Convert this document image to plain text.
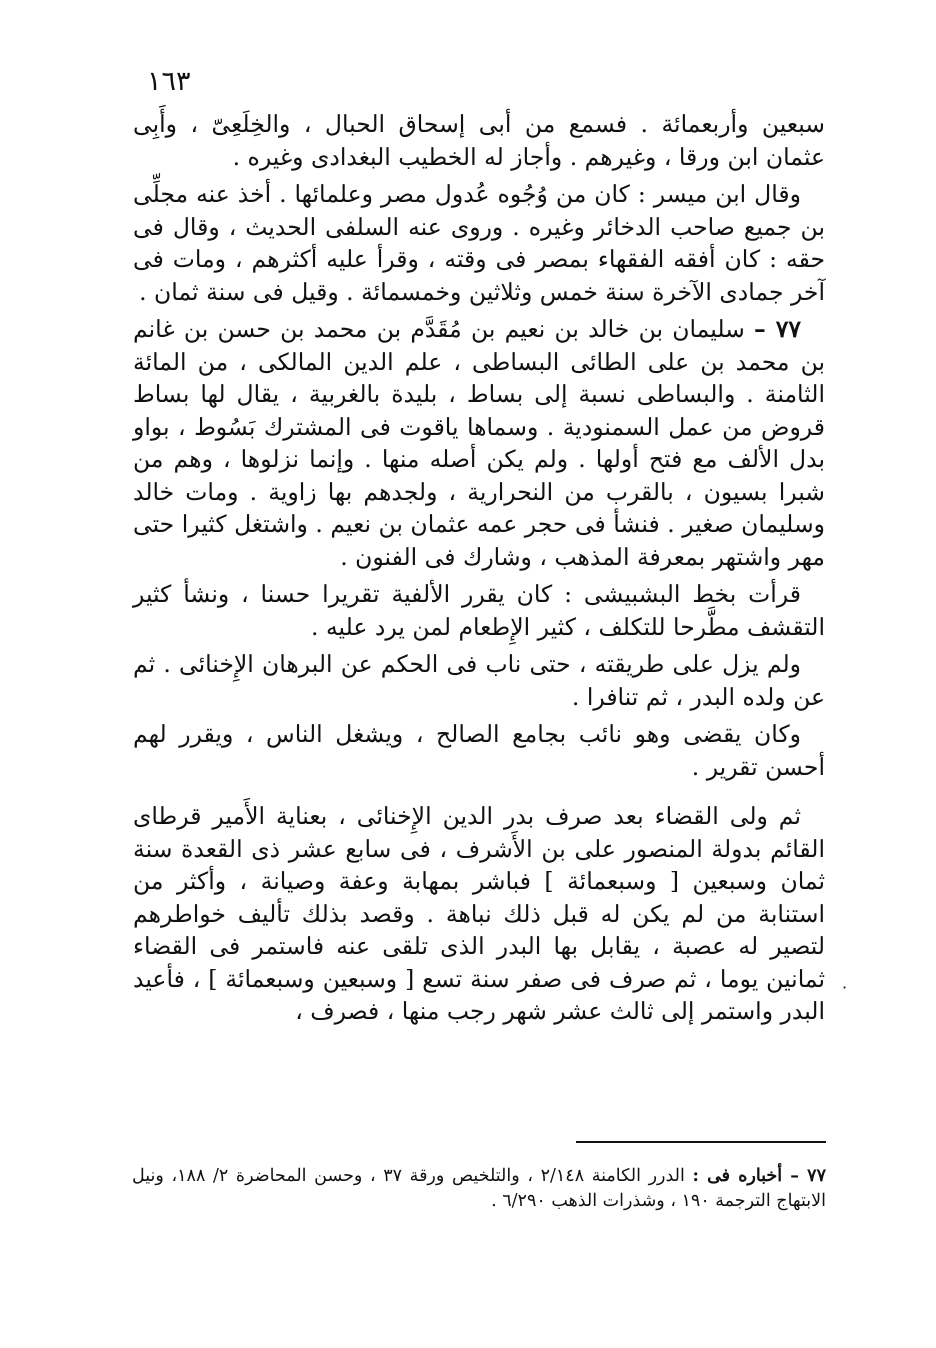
١٦٣

سبعين وأربعمائة . فسمع من أبى إسحاق الحبال ، والخِلَعِىّ ، وأَبِى عثمان ابن ورقا ، وغيرهم . وأجاز له الخطيب البغدادى وغيره .

وقال ابن ميسر : كان من وُجُوه عُدول مصر وعلمائها . أخذ عنه مجلِّى بن جميع صاحب الدخائر وغيره . وروى عنه السلفى الحديث ، وقال فى حقه : كان أفقه الفقهاء بمصر فى وقته ، وقرأ عليه أكثرهم ، ومات فى آخر جمادى الآخرة سنة خمس وثلاثين وخمسمائة . وقيل فى سنة ثمان .

٧٧ – سليمان بن خالد بن نعيم بن مُقَدَّم بن محمد بن حسن بن غانم بن محمد بن على الطائى البساطى ، علم الدين المالكى ، من المائة الثامنة . والبساطى نسبة إلى بساط ، بليدة بالغربية ، يقال لها بساط قروض من عمل السمنودية . وسماها ياقوت فى المشترك بَسُوط ، بواو بدل الألف مع فتح أولها . ولم يكن أصله منها . وإنما نزلوها ، وهم من شبرا بسيون ، بالقرب من النحرارية ، ولجدهم بها زاوية . ومات خالد وسليمان صغير . فنشأ فى حجر عمه عثمان بن نعيم . واشتغل كثيرا حتى مهر واشتهر بمعرفة المذهب ، وشارك فى الفنون .

قرأت بخط البشبيشى : كان يقرر الألفية تقريرا حسنا ، ونشأ كثير التقشف مطَّرحا للتكلف ، كثير الإِطعام لمن يرد عليه .

ولم يزل على طريقته ، حتى ناب فى الحكم عن البرهان الإِخنائى . ثم عن ولده البدر ، ثم تنافرا .

وكان يقضى وهو نائب بجامع الصالح ، ويشغل الناس ، ويقرر لهم أحسن تقرير .

ثم ولى القضاء بعد صرف بدر الدين الإِخنائى ، بعناية الأَمير قرطاى القائم بدولة المنصور على بن الأَشرف ، فى سابع عشر ذى القعدة سنة ثمان وسبعين [ وسبعمائة ] فباشر بمهابة وعفة وصيانة ، وأكثر من استنابة من لم يكن له قبل ذلك نباهة . وقصد بذلك تأليف خواطرهم لتصير له عصبة ، يقابل بها البدر الذى تلقى عنه فاستمر فى القضاء ثمانين يوما ، ثم صرف فى صفر سنة تسع [ وسبعين وسبعمائة ] ، فأعيد البدر واستمر إلى ثالث عشر شهر رجب منها ، فصرف ،

·

٧٧ – أخباره فى : الدرر الكامنة ٢/١٤٨ ، والتلخيص ورقة ٣٧ ، وحسن المحاضرة ٢/ ١٨٨، ونيل الابتهاج الترجمة ١٩٠ ، وشذرات الذهب ٦/٢٩٠ .
